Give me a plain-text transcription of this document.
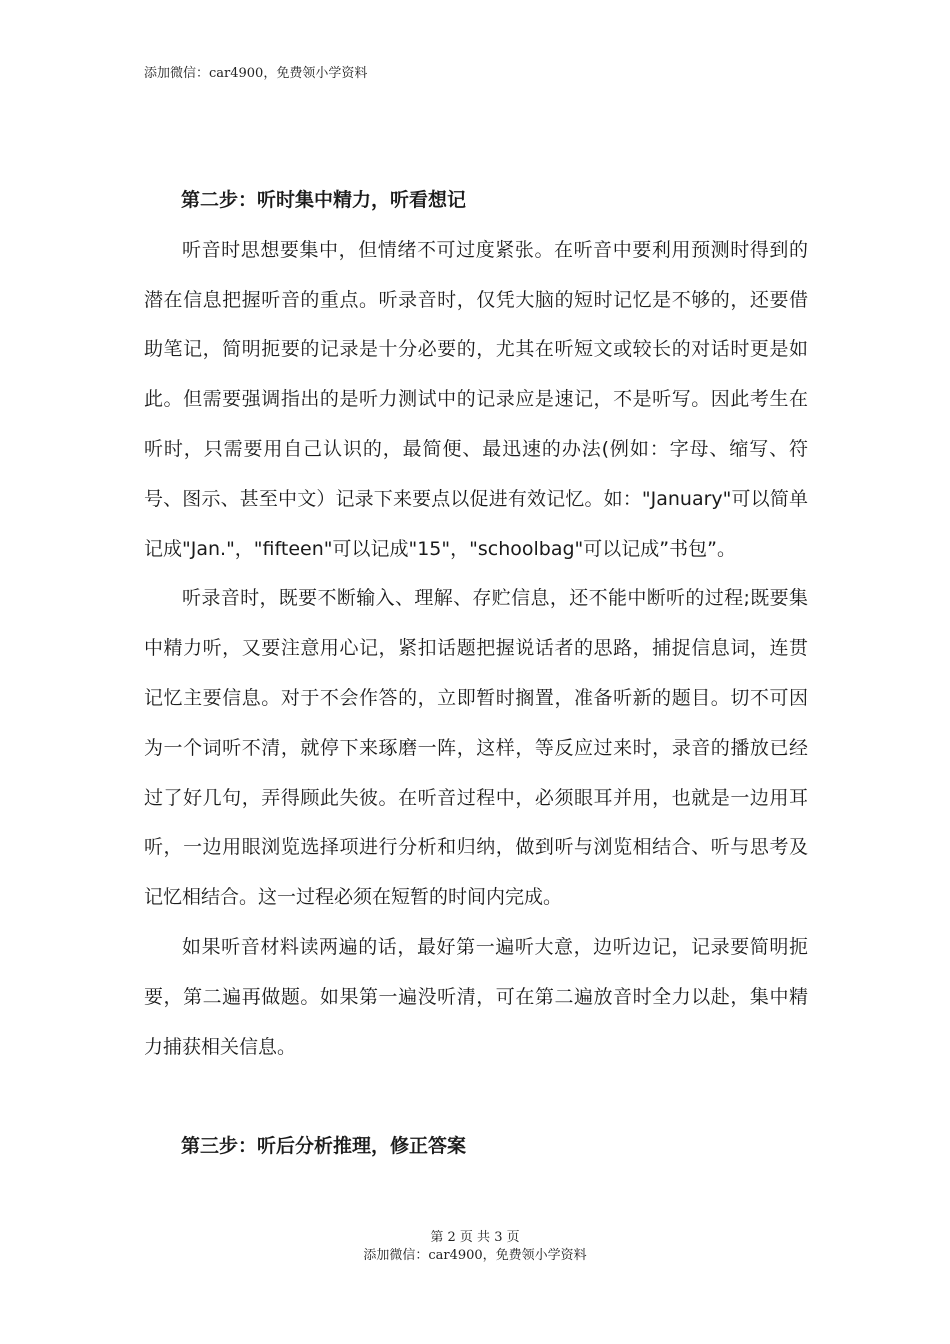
添加微信：car4900，免费领小学资料

第二步：听时集中精力，听看想记

听音时思想要集中，但情绪不可过度紧张。在听音中要利用预测时得到的潜在信息把握听音的重点。听录音时，仅凭大脑的短时记忆是不够的，还要借助笔记，简明扼要的记录是十分必要的，尤其在听短文或较长的对话时更是如此。但需要强调指出的是听力测试中的记录应是速记，不是听写。因此考生在听时，只需要用自己认识的，最简便、最迅速的办法(例如：字母、缩写、符号、图示、甚至中文）记录下来要点以促进有效记忆。如："January"可以简单记成"Jan."，"fifteen"可以记成"15"，"schoolbag"可以记成”书包”。

听录音时，既要不断输入、理解、存贮信息，还不能中断听的过程;既要集中精力听，又要注意用心记，紧扣话题把握说话者的思路，捕捉信息词，连贯记忆主要信息。对于不会作答的，立即暂时搁置，准备听新的题目。切不可因为一个词听不清，就停下来琢磨一阵，这样，等反应过来时，录音的播放已经过了好几句，弄得顾此失彼。在听音过程中，必须眼耳并用，也就是一边用耳听，一边用眼浏览选择项进行分析和归纳，做到听与浏览相结合、听与思考及记忆相结合。这一过程必须在短暂的时间内完成。

如果听音材料读两遍的话，最好第一遍听大意，边听边记，记录要简明扼要，第二遍再做题。如果第一遍没听清，可在第二遍放音时全力以赴，集中精力捕获相关信息。

第三步：听后分析推理，修正答案

第 2 页 共 3 页
添加微信：car4900，免费领小学资料
